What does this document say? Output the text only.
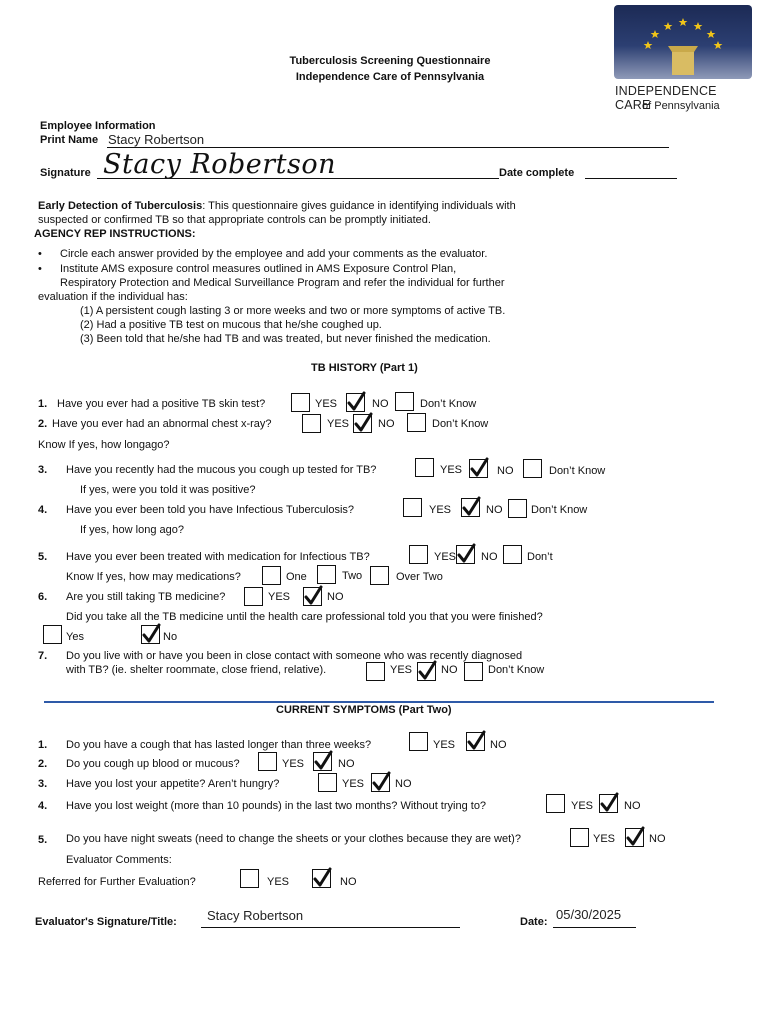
INDEPENDENCE CARE
of Pennsylvania
Tuberculosis Screening Questionnaire
Independence Care of Pennsylvania
Employee Information
Print Name Stacy Robertson
Signature Stacy Robertson	Date complete
Early Detection of Tuberculosis: This questionnaire gives guidance in identifying individuals with
suspected or confirmed TB so that appropriate controls can be promptly initiated.
AGENCY REP INSTRUCTIONS:
• Circle each answer provided by the employee and add your comments as the evaluator.
• Institute AMS exposure control measures outlined in AMS Exposure Control Plan,
Respiratory Protection and Medical Surveillance Program and refer the individual for further
evaluation if the individual has:
(1) A persistent cough lasting 3 or more weeks and two or more symptoms of active TB.
(2) Had a positive TB test on mucous that he/she coughed up.
(3) Been told that he/she had TB and was treated, but never finished the medication.
TB HISTORY (Part 1)
1. Have you ever had a positive TB skin test?	YES	NO	Don’t Know
2. Have you ever had an abnormal chest x-ray?	YES	NO	Don’t Know
Know If yes, how longago?
3. Have you recently had the mucous you cough up tested for TB?	YES	NO	Don’t Know
If yes, were you told it was positive?
4. Have you ever been told you have Infectious Tuberculosis?	YES	NO	Don’t Know
If yes, how long ago?
5. Have you ever been treated with medication for Infectious TB?	YES NO	Don’t
Know If yes, how may medications?	One	Two	Over Two
6. Are you still taking TB medicine?	YES	NO
Did you take all the TB medicine until the health care professional told you that you were finished?
Yes	No
7. Do you live with or have you been in close contact with someone who was recently diagnosed
with TB? (ie. shelter roommate, close friend, relative).	YES	NO	Don’t Know
CURRENT SYMPTOMS (Part Two)
1. Do you have a cough that has lasted longer than three weeks?	YES	NO
2. Do you cough up blood or mucous?	YES	NO
3. Have you lost your appetite? Aren’t hungry?	YES	NO
4. Have you lost weight (more than 10 pounds) in the last two months? Without trying to?	YES	NO
5. Do you have night sweats (need to change the sheets or your clothes because they are wet)?	YES	NO
Evaluator Comments:
Referred for Further Evaluation?	YES	NO
Evaluator's Signature/Title: Stacy Robertson	Date: 05/30/2025
